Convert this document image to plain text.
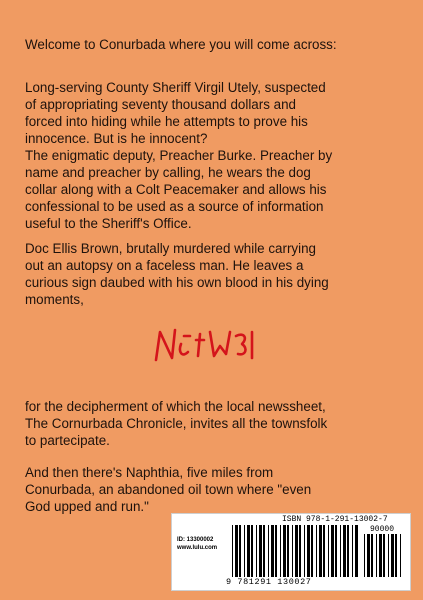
Welcome to Conurbada where you will come across:
Long-serving County Sheriff Virgil Utely, suspected
of appropriating seventy thousand dollars and
forced into hiding while he attempts to prove his
innocence. But is he innocent?
The enigmatic deputy, Preacher Burke. Preacher by
name and preacher by calling, he wears the dog
collar along with a Colt Peacemaker and allows his
confessional to be used as a source of information
useful to the Sheriff's Office.
Doc Ellis Brown, brutally murdered while carrying
out an autopsy on a faceless man. He leaves a
curious sign daubed with his own blood in his dying
moments,
for the decipherment of which the local newssheet,
The Cornurbada Chronicle, invites all the townsfolk
to partecipate.
And then there's Naphthia, five miles from
Conurbada, an abandoned oil town where "even
God upped and run."
ID: 13300002
www.lulu.com
ISBN 978-1-291-13002-7
90000
9 781291 130027
